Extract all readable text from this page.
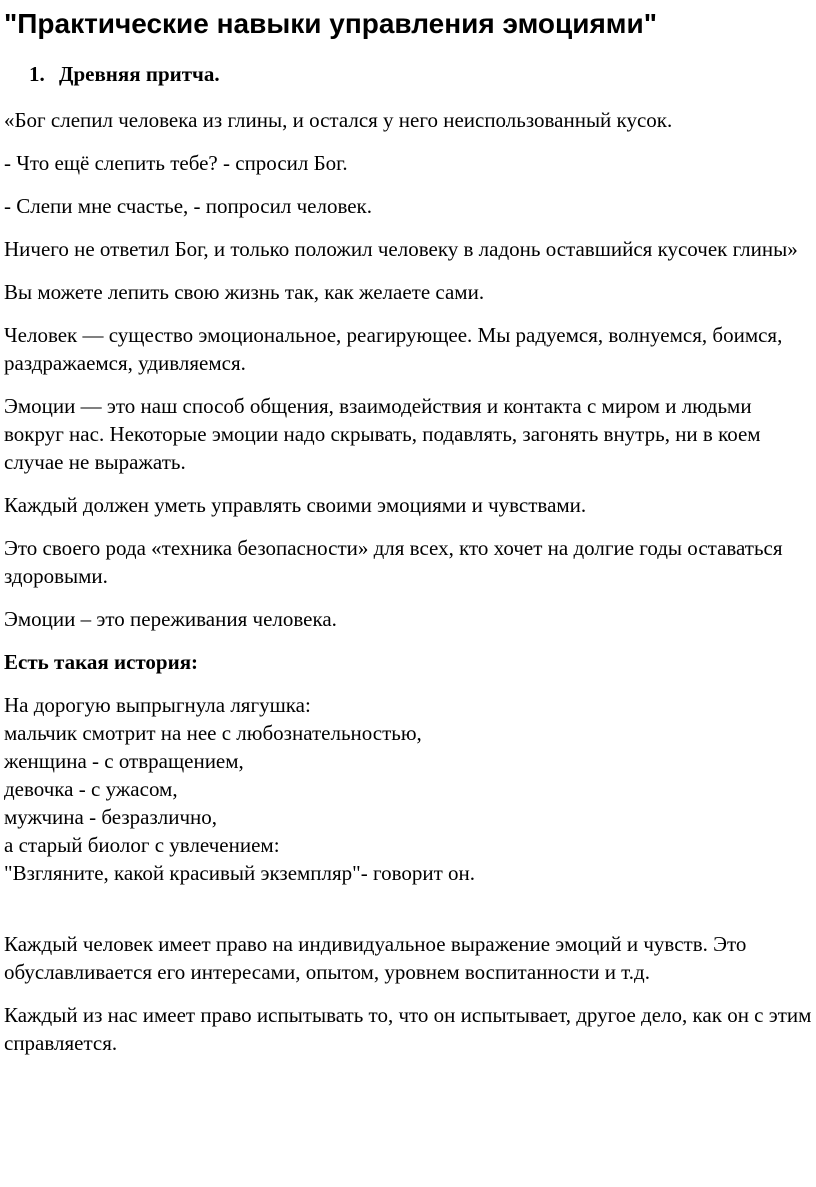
"Практические навыки управления эмоциями"
1. Древняя притча.

«Бог слепил человека из глины, и остался у него неиспользованный кусок.

- Что ещё слепить тебе? - спросил Бог.

- Слепи мне счастье, - попросил человек.

Ничего не ответил Бог, и только положил человеку в ладонь оставшийся кусочек глины»

Вы можете лепить свою жизнь так, как желаете сами.

Человек — существо эмоциональное, реагирующее. Мы радуемся, волнуемся, боимся, раздражаемся, удивляемся.

Эмоции — это наш способ общения, взаимодействия и контакта с миром и людьми вокруг нас. Некоторые эмоции надо скрывать, подавлять, загонять внутрь, ни в коем случае не выражать.

Каждый должен уметь управлять своими эмоциями и чувствами.

Это своего рода «техника безопасности» для всех, кто хочет на долгие годы оставаться здоровыми.

Эмоции – это переживания человека.

Есть такая история:

На дорогую выпрыгнула лягушка:
мальчик смотрит на нее с любознательностью,
женщина - с отвращением,
девочка - с ужасом,
мужчина - безразлично,
а старый биолог с увлечением:
"Взгляните, какой красивый экземпляр"- говорит он.

Каждый человек имеет право на индивидуальное выражение эмоций и чувств. Это обуславливается его интересами, опытом, уровнем воспитанности и т.д.

Каждый из нас имеет право испытывать то, что он испытывает, другое дело, как он с этим справляется.
